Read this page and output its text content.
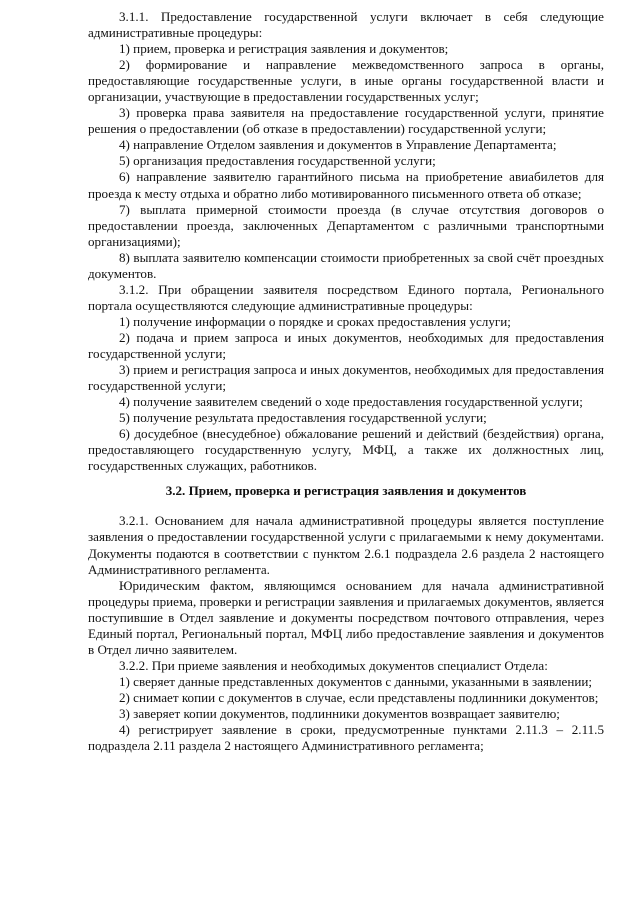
3.1.1. Предоставление государственной услуги включает в себя следующие административные процедуры:

1) прием, проверка и регистрация заявления и документов;

2) формирование и направление межведомственного запроса в органы, предоставляющие государственные услуги, в иные органы государственной власти и организации, участвующие в предоставлении государственных услуг;

3) проверка права заявителя на предоставление государственной услуги, принятие решения о предоставлении (об отказе в предоставлении) государственной услуги;

4) направление Отделом заявления и документов в Управление Департамента;

5) организация предоставления государственной услуги;

6) направление заявителю гарантийного письма на приобретение авиабилетов для проезда к месту отдыха и обратно либо мотивированного письменного ответа об отказе;

7) выплата примерной стоимости проезда (в случае отсутствия договоров о предоставлении проезда, заключенных Департаментом с различными транспортными организациями);

8) выплата заявителю компенсации стоимости приобретенных за свой счёт проездных документов.

3.1.2. При обращении заявителя посредством Единого портала, Регионального портала осуществляются следующие административные процедуры:

1) получение информации о порядке и сроках предоставления услуги;

2) подача и прием запроса и иных документов, необходимых для предоставления государственной услуги;

3) прием и регистрация запроса и иных документов, необходимых для предоставления государственной услуги;

4) получение заявителем сведений о ходе предоставления государственной услуги;

5) получение результата предоставления государственной услуги;

6) досудебное (внесудебное) обжалование решений и действий (бездействия) органа, предоставляющего государственную услугу, МФЦ, а также их должностных лиц, государственных служащих, работников.

3.2. Прием, проверка и регистрация заявления и документов

3.2.1. Основанием для начала административной процедуры является поступление заявления о предоставлении государственной услуги с прилагаемыми к нему документами. Документы подаются в соответствии с пунктом 2.6.1 подраздела 2.6 раздела 2 настоящего Административного регламента.

Юридическим фактом, являющимся основанием для начала административной процедуры приема, проверки и регистрации заявления и прилагаемых документов, является поступившие в Отдел заявление и документы посредством почтового отправления, через Единый портал, Региональный портал, МФЦ либо предоставление заявления и документов в Отдел лично заявителем.

3.2.2. При приеме заявления и необходимых документов специалист Отдела:

1) сверяет данные представленных документов с данными, указанными в заявлении;

2) снимает копии с документов в случае, если представлены подлинники документов;

3) заверяет копии документов, подлинники документов возвращает заявителю;

4) регистрирует заявление в сроки, предусмотренные пунктами 2.11.3 – 2.11.5 подраздела 2.11 раздела 2 настоящего Административного регламента;
